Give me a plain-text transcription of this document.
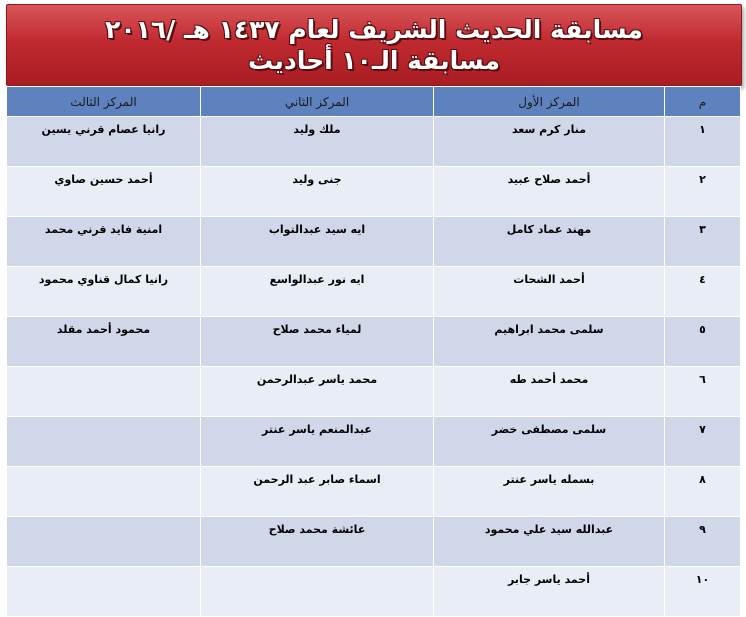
مسابقة الحديث الشريف لعام ١٤٣٧ هـ /٢٠١٦
مسابقة الـ١٠ أحاديث
م	المركز الأول	المركز الثاني	المركز الثالث
١	منار كرم سعد	ملك وليد	رانيا عصام قرني يسين
٢	أحمد صلاح عبيد	جنى وليد	أحمد حسين صاوي
٣	مهند عماد كامل	ايه سيد عبدالتواب	امنية فايد قرني محمد
٤	أحمد الشحات	ايه نور عبدالواسع	رانيا كمال قناوي محمود
٥	سلمى محمد ابراهيم	لمياء محمد صلاح	محمود أحمد مقلد
٦	محمد أحمد طه	محمد ياسر عبدالرحمن	
٧	سلمى مصطفى خضر	عبدالمنعم ياسر عنتر	
٨	بسمله ياسر عنتر	اسماء صابر عبد الرحمن	
٩	عبدالله سيد علي محمود	عائشة محمد صلاح	
١٠	أحمد ياسر جابر		
